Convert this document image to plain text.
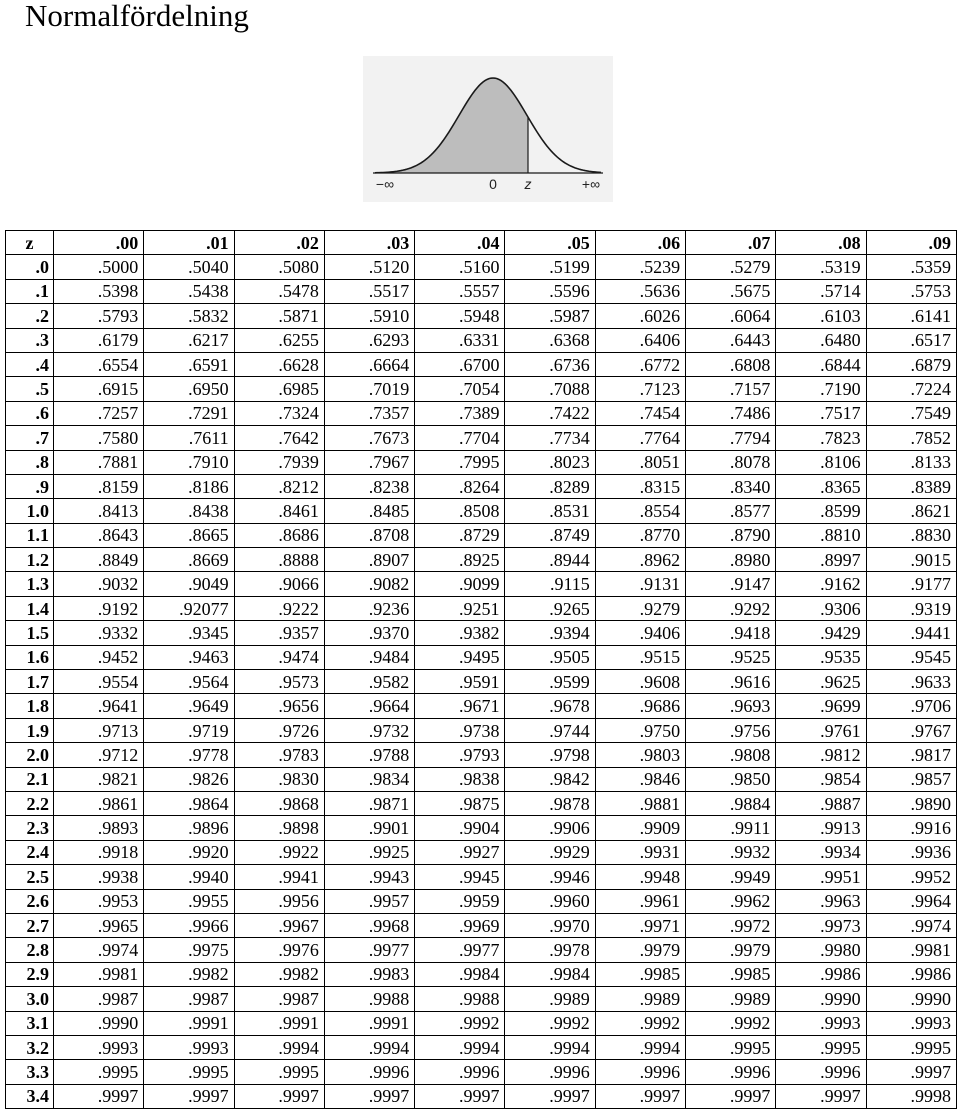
Normalfördelning
−∞	0 z	+∞
z	.00	.01	.02	.03	.04	.05	.06	.07	.08	.09
.0	.5000	.5040	.5080	.5120	.5160	.5199	.5239	.5279	.5319	.5359
.1	.5398	.5438	.5478	.5517	.5557	.5596	.5636	.5675	.5714	.5753
.2	.5793	.5832	.5871	.5910	.5948	.5987	.6026	.6064	.6103	.6141
.3	.6179	.6217	.6255	.6293	.6331	.6368	.6406	.6443	.6480	.6517
.4	.6554	.6591	.6628	.6664	.6700	.6736	.6772	.6808	.6844	.6879
.5	.6915	.6950	.6985	.7019	.7054	.7088	.7123	.7157	.7190	.7224
.6	.7257	.7291	.7324	.7357	.7389	.7422	.7454	.7486	.7517	.7549
.7	.7580	.7611	.7642	.7673	.7704	.7734	.7764	.7794	.7823	.7852
.8	.7881	.7910	.7939	.7967	.7995	.8023	.8051	.8078	.8106	.8133
.9	.8159	.8186	.8212	.8238	.8264	.8289	.8315	.8340	.8365	.8389
1.0	.8413	.8438	.8461	.8485	.8508	.8531	.8554	.8577	.8599	.8621
1.1	.8643	.8665	.8686	.8708	.8729	.8749	.8770	.8790	.8810	.8830
1.2	.8849	.8669	.8888	.8907	.8925	.8944	.8962	.8980	.8997	.9015
1.3	.9032	.9049	.9066	.9082	.9099	.9115	.9131	.9147	.9162	.9177
1.4	.9192	.92077	.9222	.9236	.9251	.9265	.9279	.9292	.9306	.9319
1.5	.9332	.9345	.9357	.9370	.9382	.9394	.9406	.9418	.9429	.9441
1.6	.9452	.9463	.9474	.9484	.9495	.9505	.9515	.9525	.9535	.9545
1.7	.9554	.9564	.9573	.9582	.9591	.9599	.9608	.9616	.9625	.9633
1.8	.9641	.9649	.9656	.9664	.9671	.9678	.9686	.9693	.9699	.9706
1.9	.9713	.9719	.9726	.9732	.9738	.9744	.9750	.9756	.9761	.9767
2.0	.9712	.9778	.9783	.9788	.9793	.9798	.9803	.9808	.9812	.9817
2.1	.9821	.9826	.9830	.9834	.9838	.9842	.9846	.9850	.9854	.9857
2.2	.9861	.9864	.9868	.9871	.9875	.9878	.9881	.9884	.9887	.9890
2.3	.9893	.9896	.9898	.9901	.9904	.9906	.9909	.9911	.9913	.9916
2.4	.9918	.9920	.9922	.9925	.9927	.9929	.9931	.9932	.9934	.9936
2.5	.9938	.9940	.9941	.9943	.9945	.9946	.9948	.9949	.9951	.9952
2.6	.9953	.9955	.9956	.9957	.9959	.9960	.9961	.9962	.9963	.9964
2.7	.9965	.9966	.9967	.9968	.9969	.9970	.9971	.9972	.9973	.9974
2.8	.9974	.9975	.9976	.9977	.9977	.9978	.9979	.9979	.9980	.9981
2.9	.9981	.9982	.9982	.9983	.9984	.9984	.9985	.9985	.9986	.9986
3.0	.9987	.9987	.9987	.9988	.9988	.9989	.9989	.9989	.9990	.9990
3.1	.9990	.9991	.9991	.9991	.9992	.9992	.9992	.9992	.9993	.9993
3.2	.9993	.9993	.9994	.9994	.9994	.9994	.9994	.9995	.9995	.9995
3.3	.9995	.9995	.9995	.9996	.9996	.9996	.9996	.9996	.9996	.9997
3.4	.9997	.9997	.9997	.9997	.9997	.9997	.9997	.9997	.9997	.9998
